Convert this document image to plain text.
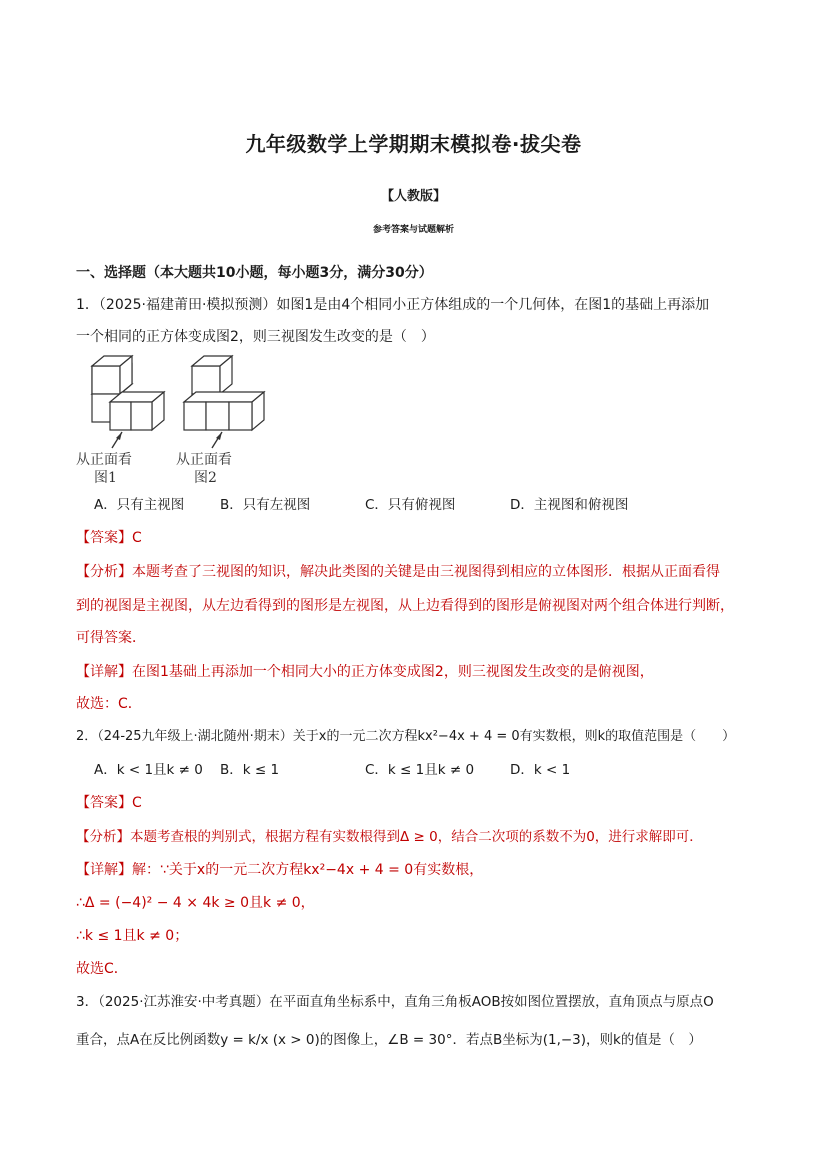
九年级数学上学期期末模拟卷·拔尖卷
【人教版】
参考答案与试题解析
一、选择题（本大题共10小题，每小题3分，满分30分）
1．（2025·福建莆田·模拟预测）如图1是由4个相同小正方体组成的一个几何体，在图1的基础上再添加
一个相同的正方体变成图2，则三视图发生改变的是（　）
从正面看
图1
从正面看
图2
A．只有主视图	B．只有左视图	C．只有俯视图	D．主视图和俯视图
【答案】C
【分析】本题考查了三视图的知识，解决此类图的关键是由三视图得到相应的立体图形．根据从正面看得
到的视图是主视图，从左边看得到的图形是左视图，从上边看得到的图形是俯视图对两个组合体进行判断，
可得答案．
【详解】在图1基础上再添加一个相同大小的正方体变成图2，则三视图发生改变的是俯视图，
故选：C．
2．（24-25九年级上·湖北随州·期末）关于x的一元二次方程kx²−4x + 4 = 0有实数根，则k的取值范围是（　　）
A．k < 1且k ≠ 0 B．k ≤ 1	C．k ≤ 1且k ≠ 0	D．k < 1
【答案】C
【分析】本题考查根的判别式，根据方程有实数根得到Δ ≥ 0，结合二次项的系数不为0，进行求解即可．
【详解】解：∵关于x的一元二次方程kx²−4x + 4 = 0有实数根，
∴Δ = (−4)² − 4 × 4k ≥ 0且k ≠ 0，
∴k ≤ 1且k ≠ 0；
故选C．
3．（2025·江苏淮安·中考真题）在平面直角坐标系中，直角三角板AOB按如图位置摆放，直角顶点与原点O
重合，点A在反比例函数y = k/x (x > 0)的图像上，∠B = 30°．若点B坐标为(1,−3)，则k的值是（　）
